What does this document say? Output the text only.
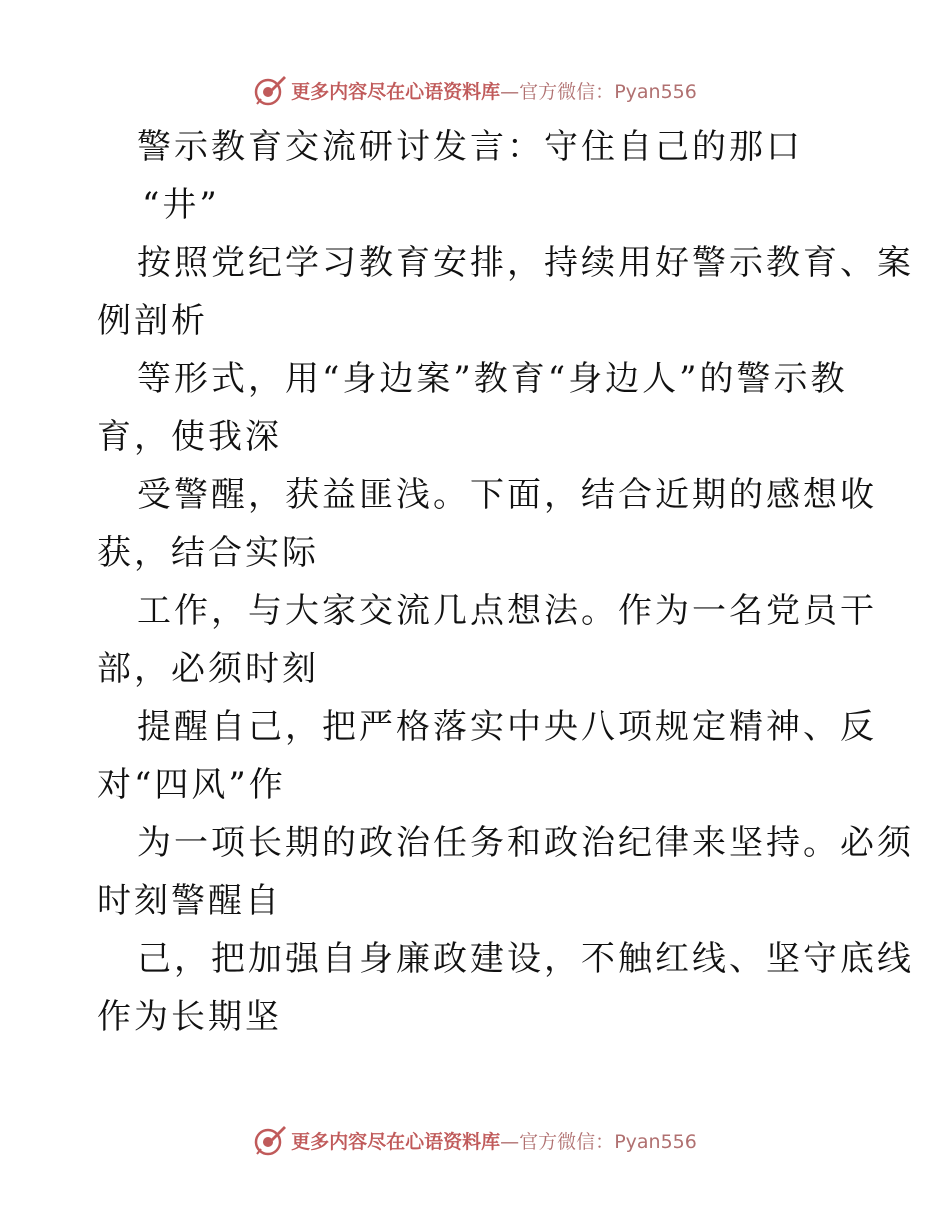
更多内容尽在心语资料库—官方微信：Pyan556
警示教育交流研讨发言：守住自己的那口
“井”
按照党纪学习教育安排，持续用好警示教育、案
例剖析
等形式，用“身边案”教育“身边人”的警示教
育，使我深
受警醒，获益匪浅。下面，结合近期的感想收
获，结合实际
工作，与大家交流几点想法。作为一名党员干
部，必须时刻
提醒自己，把严格落实中央八项规定精神、反
对“四风”作
为一项长期的政治任务和政治纪律来坚持。必须
时刻警醒自
己，把加强自身廉政建设，不触红线、坚守底线
作为长期坚
更多内容尽在心语资料库—官方微信：Pyan556
